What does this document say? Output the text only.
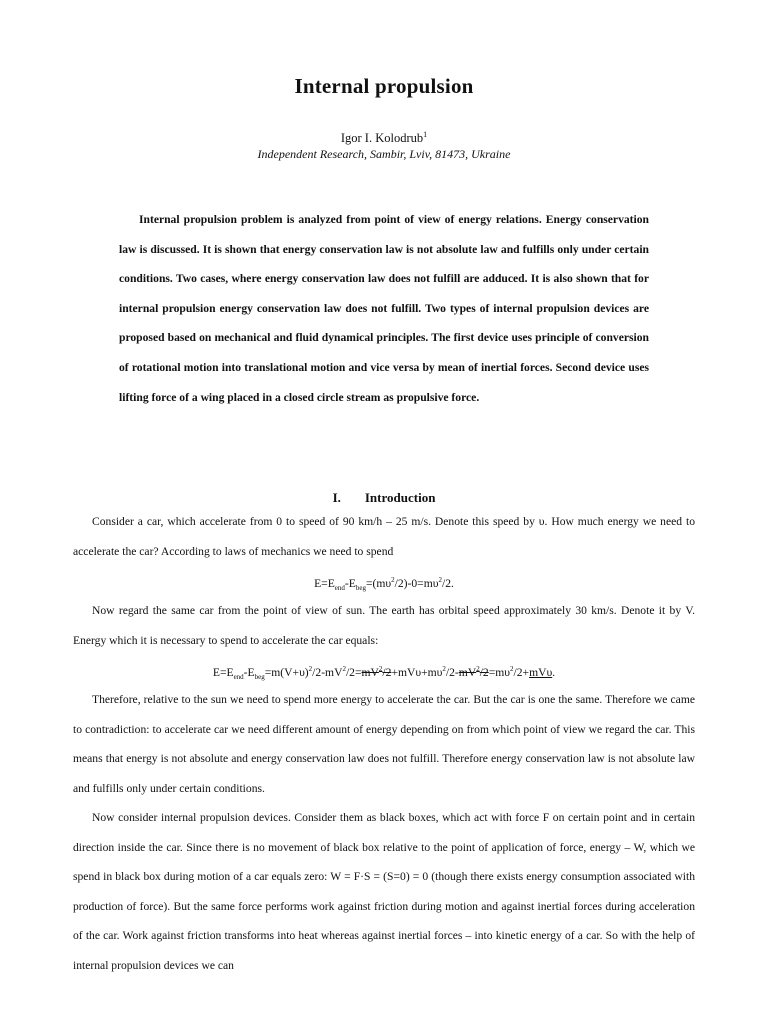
Internal propulsion
Igor I. Kolodrub$^1$
Independent Research, Sambir, Lviv, 81473, Ukraine

Internal propulsion problem is analyzed from point of view of energy relations. Energy conservation law is discussed. It is shown that energy conservation law is not absolute law and fulfills only under certain conditions. Two cases, where energy conservation law does not fulfill are adduced. It is also shown that for internal propulsion energy conservation law does not fulfill. Two types of internal propulsion devices are proposed based on mechanical and fluid dynamical principles. The first device uses principle of conversion of rotational motion into translational motion and vice versa by mean of inertial forces. Second device uses lifting force of a wing placed in a closed circle stream as propulsive force.

I. Introduction

Consider a car, which accelerate from 0 to speed of 90 km/h – 25 m/s. Denote this speed by υ. How much energy we need to accelerate the car? According to laws of mechanics we need to spend

$E=E_{end}-E_{beg}=(m\upsilon^2/2)-0=m\upsilon^2/2$.

Now regard the same car from the point of view of sun. The earth has orbital speed approximately 30 km/s. Denote it by V. Energy which it is necessary to spend to accelerate the car equals:

$E=E_{end}-E_{beg}=m(V+\upsilon)^2/2-mV^2/2=mV^2/2+mV\upsilon+m\upsilon^2/2-mV^2/2=m\upsilon^2/2+mV\upsilon$.

Therefore, relative to the sun we need to spend more energy to accelerate the car. But the car is one the same. Therefore we came to contradiction: to accelerate car we need different amount of energy depending on from which point of view we regard the car. This means that energy is not absolute and energy conservation law does not fulfill. Therefore energy conservation law is not absolute law and fulfills only under certain conditions.

Now consider internal propulsion devices. Consider them as black boxes, which act with force F on certain point and in certain direction inside the car. Since there is no movement of black box relative to the point of application of force, energy – W, which we spend in black box during motion of a car equals zero: W = F·S = (S=0) = 0 (though there exists energy consumption associated with production of force). But the same force performs work against friction during motion and against inertial forces during acceleration of the car. Work against friction transforms into heat whereas against inertial forces – into kinetic energy of a car. So with the help of internal propulsion devices we can
